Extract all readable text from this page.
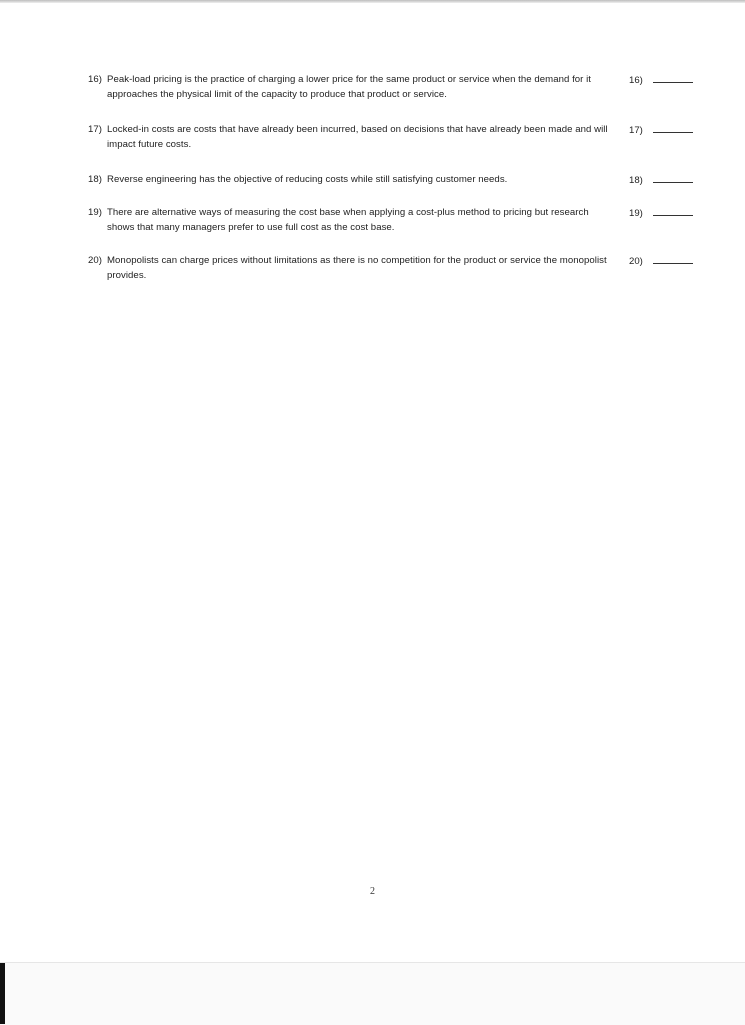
16) Peak-load pricing is the practice of charging a lower price for the same product or service when the demand for it approaches the physical limit of the capacity to produce that product or service.
16)
17) Locked-in costs are costs that have already been incurred, based on decisions that have already been made and will impact future costs.
17)
18) Reverse engineering has the objective of reducing costs while still satisfying customer needs.	18)
19) There are alternative ways of measuring the cost base when applying a cost-plus method to pricing but research shows that many managers prefer to use full cost as the cost base.
19)
20) Monopolists can charge prices without limitations as there is no competition for the product or service the monopolist provides.
20)
2
